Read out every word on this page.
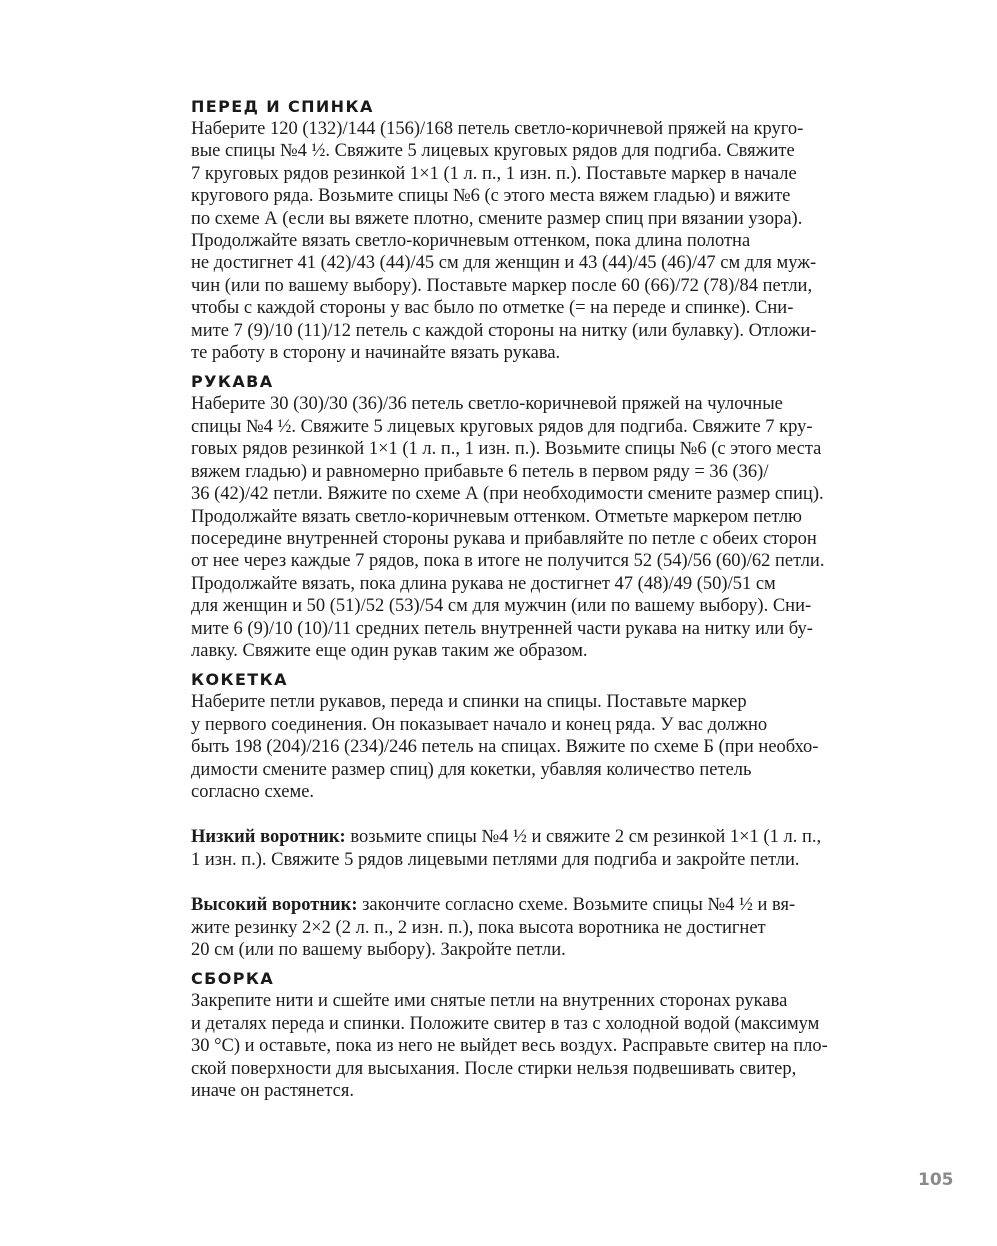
ПЕРЕД И СПИНКА

Наберите 120 (132)/144 (156)/168 петель светло-коричневой пряжей на круго-
вые спицы №4 ½. Свяжите 5 лицевых круговых рядов для подгиба. Свяжите
7 круговых рядов резинкой 1×1 (1 л. п., 1 изн. п.). Поставьте маркер в начале
кругового ряда. Возьмите спицы №6 (с этого места вяжем гладью) и вяжите
по схеме А (если вы вяжете плотно, смените размер спиц при вязании узора).
Продолжайте вязать светло-коричневым оттенком, пока длина полотна
не достигнет 41 (42)/43 (44)/45 см для женщин и 43 (44)/45 (46)/47 см для муж-
чин (или по вашему выбору). Поставьте маркер после 60 (66)/72 (78)/84 петли,
чтобы с каждой стороны у вас было по отметке (= на переде и спинке). Сни-
мите 7 (9)/10 (11)/12 петель с каждой стороны на нитку (или булавку). Отложи-
те работу в сторону и начинайте вязать рукава.

РУКАВА

Наберите 30 (30)/30 (36)/36 петель светло-коричневой пряжей на чулочные
спицы №4 ½. Свяжите 5 лицевых круговых рядов для подгиба. Свяжите 7 кру-
говых рядов резинкой 1×1 (1 л. п., 1 изн. п.). Возьмите спицы №6 (с этого места
вяжем гладью) и равномерно прибавьте 6 петель в первом ряду = 36 (36)/
36 (42)/42 петли. Вяжите по схеме А (при необходимости смените размер спиц).
Продолжайте вязать светло-коричневым оттенком. Отметьте маркером петлю
посередине внутренней стороны рукава и прибавляйте по петле с обеих сторон
от нее через каждые 7 рядов, пока в итоге не получится 52 (54)/56 (60)/62 петли.
Продолжайте вязать, пока длина рукава не достигнет 47 (48)/49 (50)/51 см
для женщин и 50 (51)/52 (53)/54 см для мужчин (или по вашему выбору). Сни-
мите 6 (9)/10 (10)/11 средних петель внутренней части рукава на нитку или бу-
лавку. Свяжите еще один рукав таким же образом.

КОКЕТКА

Наберите петли рукавов, переда и спинки на спицы. Поставьте маркер
у первого соединения. Он показывает начало и конец ряда. У вас должно
быть 198 (204)/216 (234)/246 петель на спицах. Вяжите по схеме Б (при необхо-
димости смените размер спиц) для кокетки, убавляя количество петель
согласно схеме.

Низкий воротник: возьмите спицы №4 ½ и свяжите 2 см резинкой 1×1 (1 л. п.,
1 изн. п.). Свяжите 5 рядов лицевыми петлями для подгиба и закройте петли.

Высокий воротник: закончите согласно схеме. Возьмите спицы №4 ½ и вя-
жите резинку 2×2 (2 л. п., 2 изн. п.), пока высота воротника не достигнет
20 см (или по вашему выбору). Закройте петли.

СБОРКА

Закрепите нити и сшейте ими снятые петли на внутренних сторонах рукава
и деталях переда и спинки. Положите свитер в таз с холодной водой (максимум
30 °С) и оставьте, пока из него не выйдет весь воздух. Расправьте свитер на пло-
ской поверхности для высыхания. После стирки нельзя подвешивать свитер,
иначе он растянется.

105
